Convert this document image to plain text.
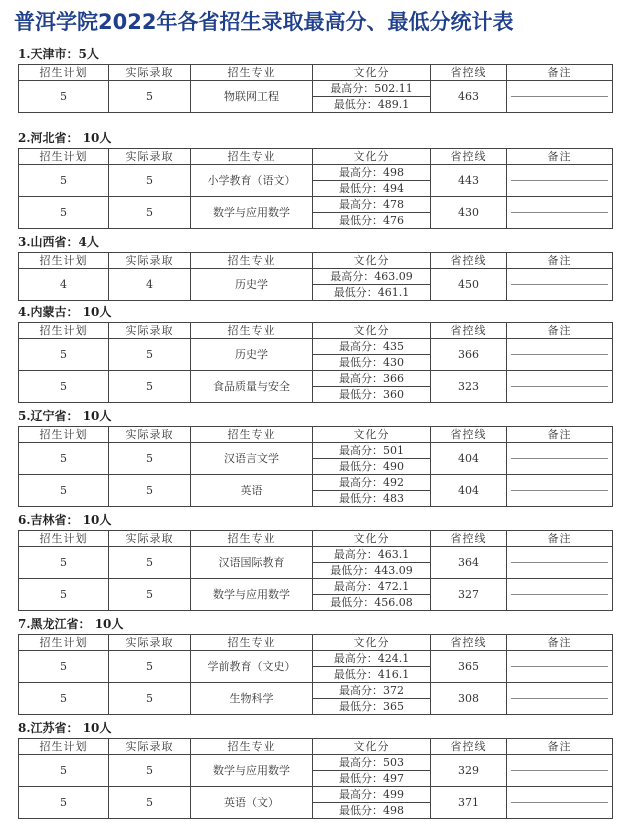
普洱学院2022年各省招生录取最高分、最低分统计表
1.天津市：5人
招生计划	实际录取	招生专业	文化分	省控线	备注
5	5	物联网工程	最高分：502.11	463	

			最低分：489.1		
2.河北省： 10人
招生计划	实际录取	招生专业	文化分	省控线	备注
5	5	小学教育（语文）	最高分：498	443	

			最低分：494		
5	5	数学与应用数学	最高分：478	430	

			最低分：476		
3.山西省：4人
招生计划	实际录取	招生专业	文化分	省控线	备注
4	4	历史学	最高分：463.09	450	

			最低分：461.1		
4.内蒙古： 10人
招生计划	实际录取	招生专业	文化分	省控线	备注
5	5	历史学	最高分：435	366	

			最低分：430		
5	5	食品质量与安全	最高分：366	323	

			最低分：360		
5.辽宁省： 10人
招生计划	实际录取	招生专业	文化分	省控线	备注
5	5	汉语言文学	最高分：501	404	

			最低分：490		
5	5	英语	最高分：492	404	

			最低分：483		
6.吉林省： 10人
招生计划	实际录取	招生专业	文化分	省控线	备注
5	5	汉语国际教育	最高分：463.1	364	

			最低分：443.09		
5	5	数学与应用数学	最高分：472.1	327	

			最低分：456.08		
7.黑龙江省： 10人
招生计划	实际录取	招生专业	文化分	省控线	备注
5	5	学前教育（文史）	最高分：424.1	365	

			最低分：416.1		
5	5	生物科学	最高分：372	308	

			最低分：365		
8.江苏省： 10人
招生计划	实际录取	招生专业	文化分	省控线	备注
5	5	数学与应用数学	最高分：503	329	

			最低分：497		
5	5	英语（文）	最高分：499	371	

			最低分：498		
